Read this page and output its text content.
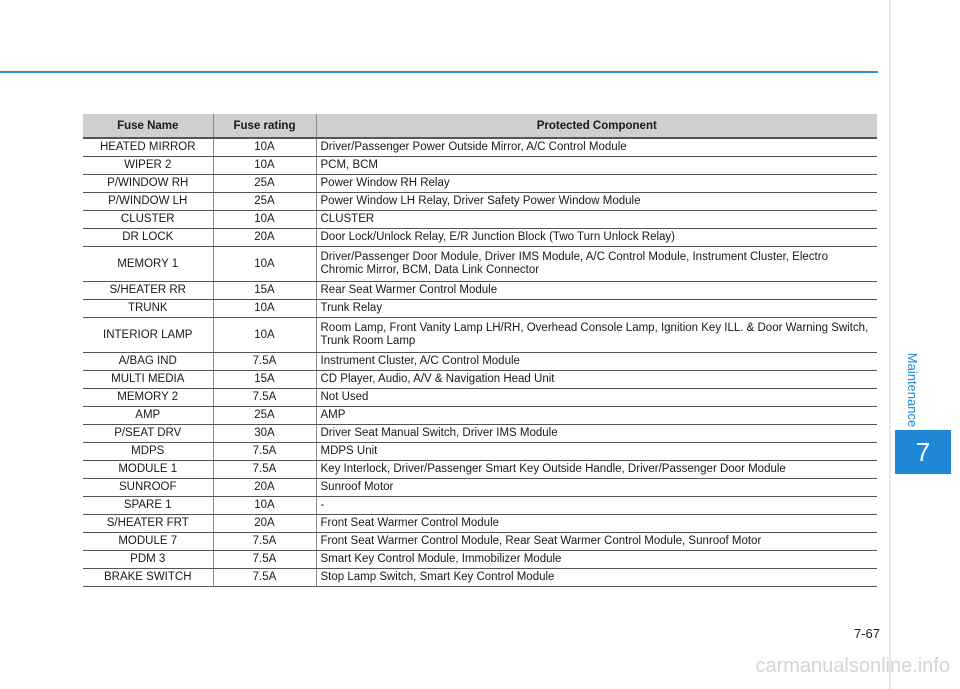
Maintenance
7
Fuse Name	Fuse rating	Protected Component
HEATED MIRROR	10A	Driver/Passenger Power Outside Mirror, A/C Control Module
WIPER 2	10A	PCM, BCM
P/WINDOW RH	25A	Power Window RH Relay
P/WINDOW LH	25A	Power Window LH Relay, Driver Safety Power Window Module
CLUSTER	10A	CLUSTER
DR LOCK	20A	Door Lock/Unlock Relay, E/R Junction Block (Two Turn Unlock Relay)
MEMORY 1	10A	Driver/Passenger Door Module, Driver IMS Module, A/C Control Module, Instrument Cluster, Electro Chromic Mirror, BCM, Data Link Connector
S/HEATER RR	15A	Rear Seat Warmer Control Module
TRUNK	10A	Trunk Relay
INTERIOR LAMP	10A	Room Lamp, Front Vanity Lamp LH/RH, Overhead Console Lamp, Ignition Key ILL. & Door Warning Switch, Trunk Room Lamp
A/BAG IND	7.5A	Instrument Cluster, A/C Control Module
MULTI MEDIA	15A	CD Player, Audio, A/V & Navigation Head Unit
MEMORY 2	7.5A	Not Used
AMP	25A	AMP
P/SEAT DRV	30A	Driver Seat Manual Switch, Driver IMS Module
MDPS	7.5A	MDPS Unit
MODULE 1	7.5A	Key Interlock, Driver/Passenger Smart Key Outside Handle, Driver/Passenger Door Module
SUNROOF	20A	Sunroof Motor
SPARE 1	10A	-
S/HEATER FRT	20A	Front Seat Warmer Control Module
MODULE 7	7.5A	Front Seat Warmer Control Module, Rear Seat Warmer Control Module, Sunroof Motor
PDM 3	7.5A	Smart Key Control Module, Immobilizer Module
BRAKE SWITCH	7.5A	Stop Lamp Switch, Smart Key Control Module
7-67
carmanualsonline.info
